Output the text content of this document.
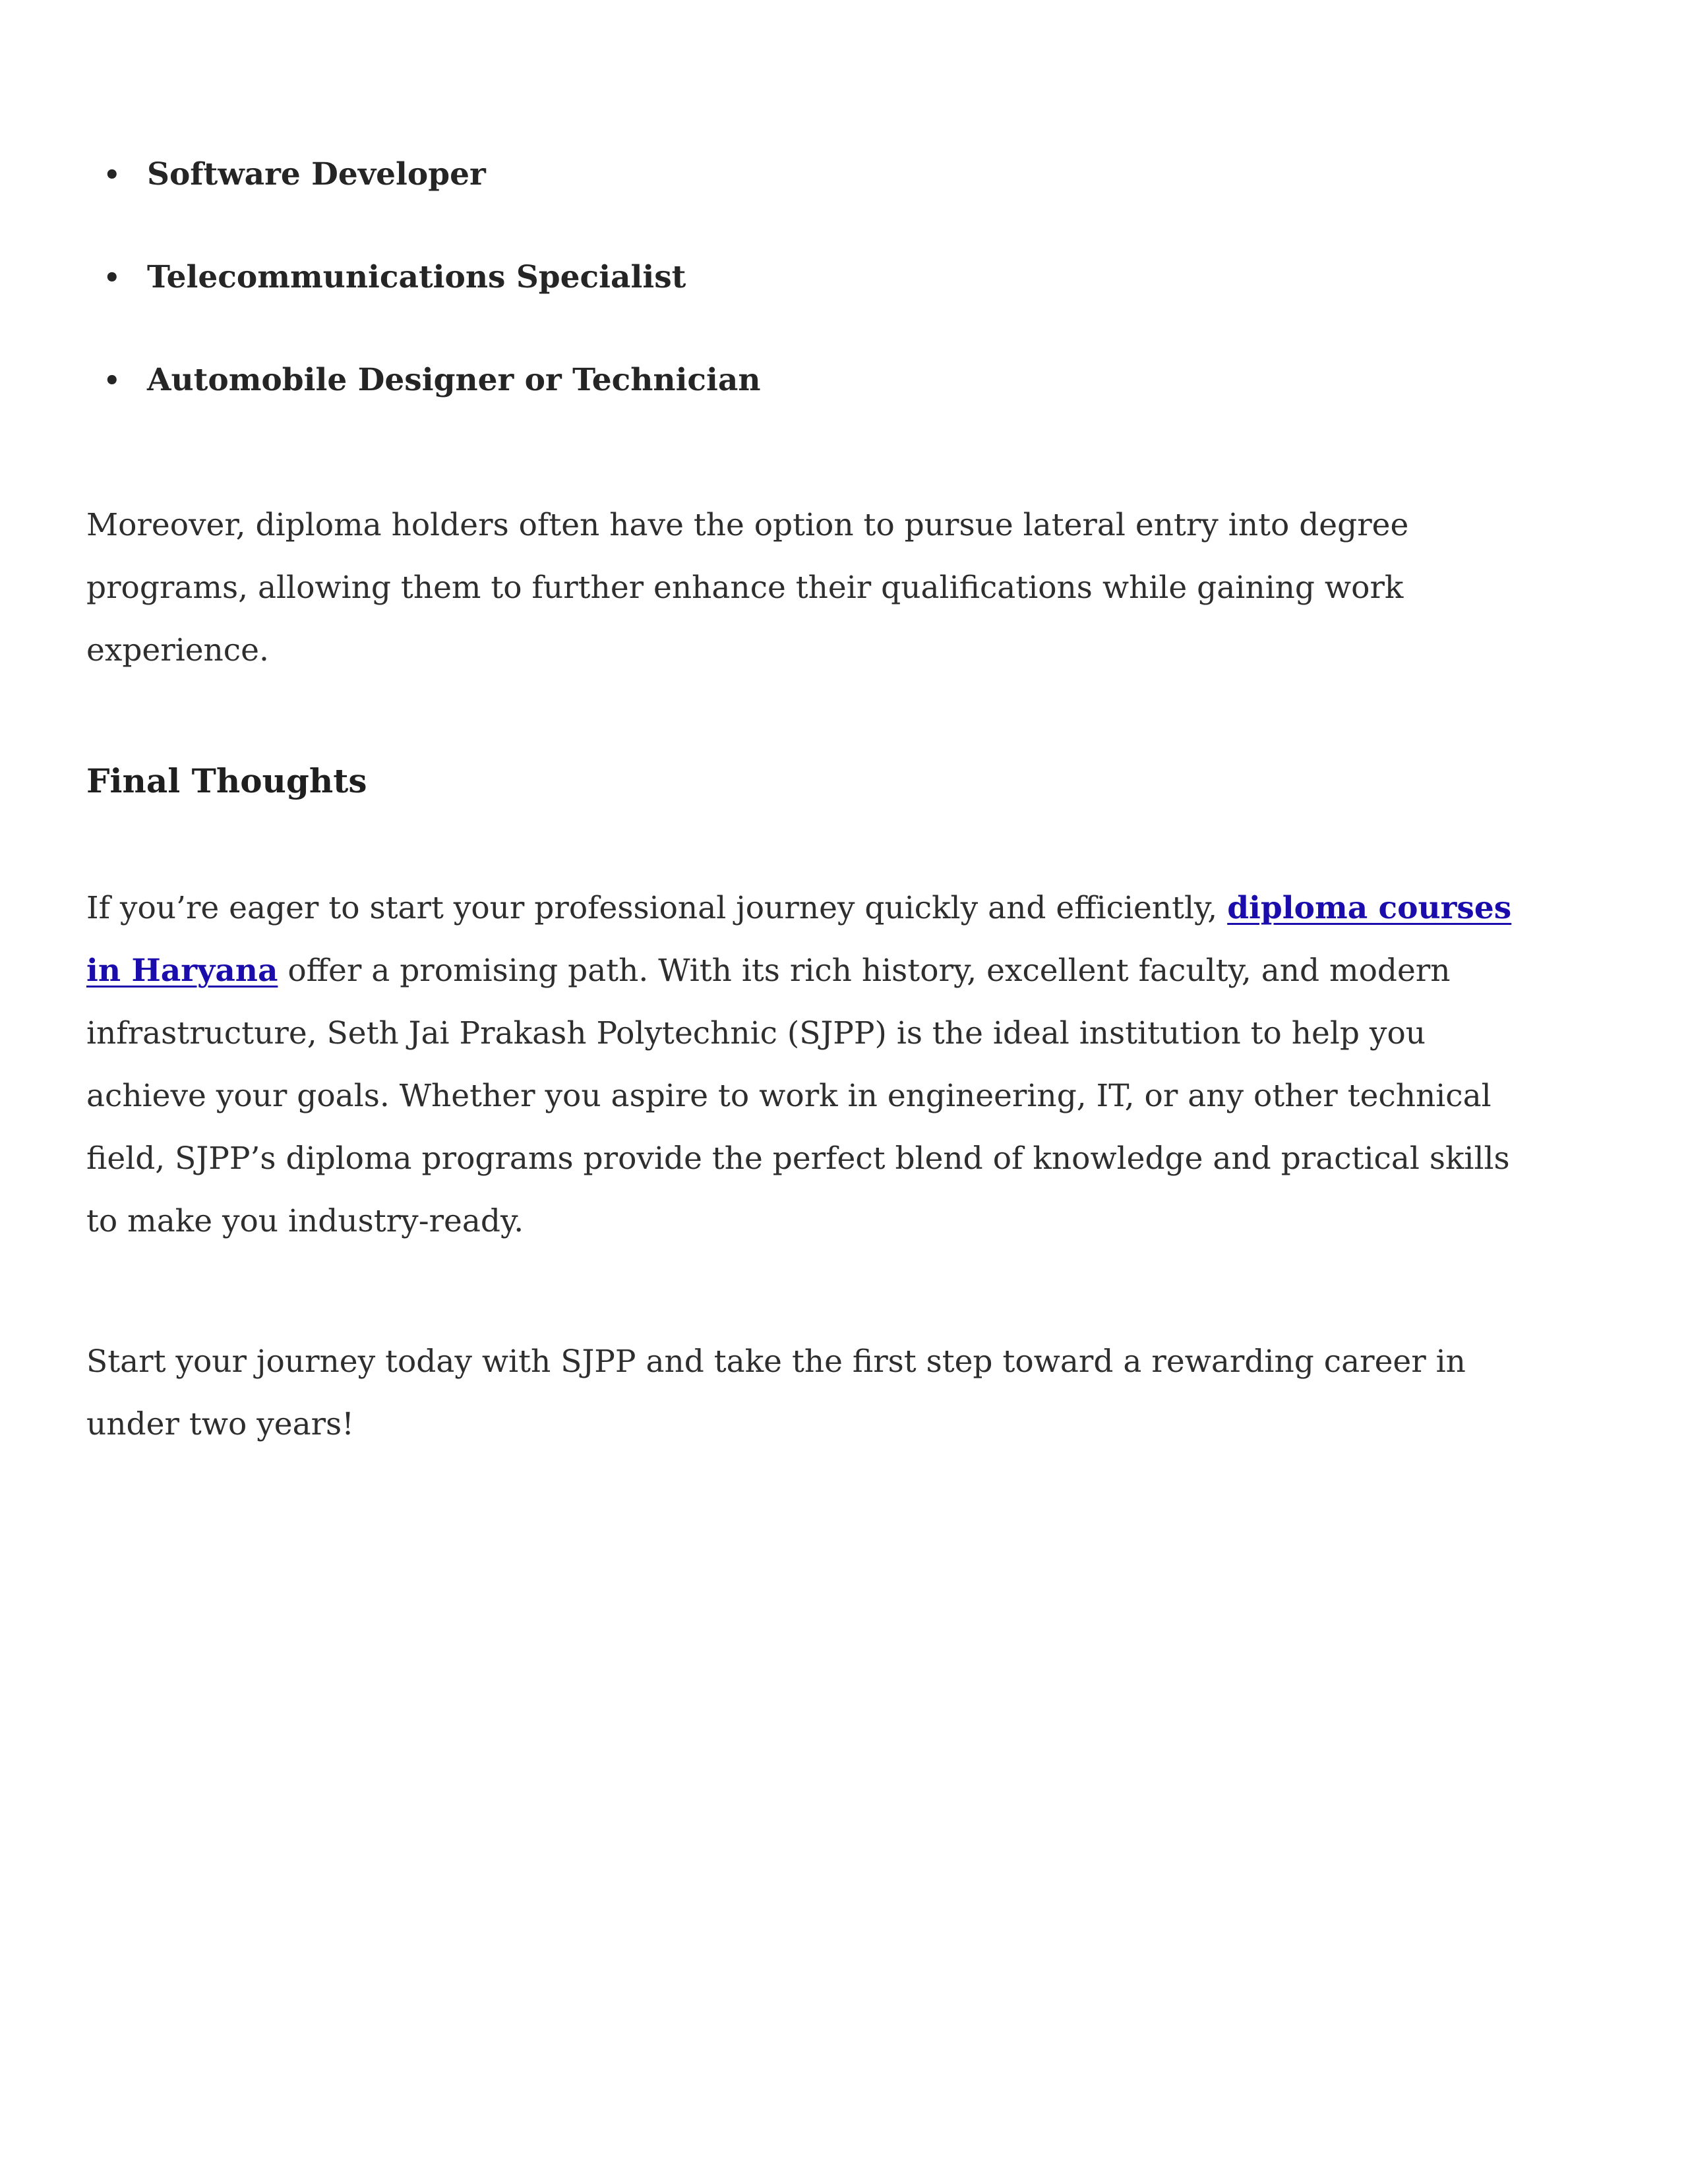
• Software Developer
• Telecommunications Specialist
• Automobile Designer or Technician

Moreover, diploma holders often have the option to pursue lateral entry into degree programs, allowing them to further enhance their qualifications while gaining work experience.

Final Thoughts

If you’re eager to start your professional journey quickly and efficiently, diploma courses in Haryana offer a promising path. With its rich history, excellent faculty, and modern infrastructure, Seth Jai Prakash Polytechnic (SJPP) is the ideal institution to help you achieve your goals. Whether you aspire to work in engineering, IT, or any other technical field, SJPP’s diploma programs provide the perfect blend of knowledge and practical skills to make you industry-ready.

Start your journey today with SJPP and take the first step toward a rewarding career in under two years!
